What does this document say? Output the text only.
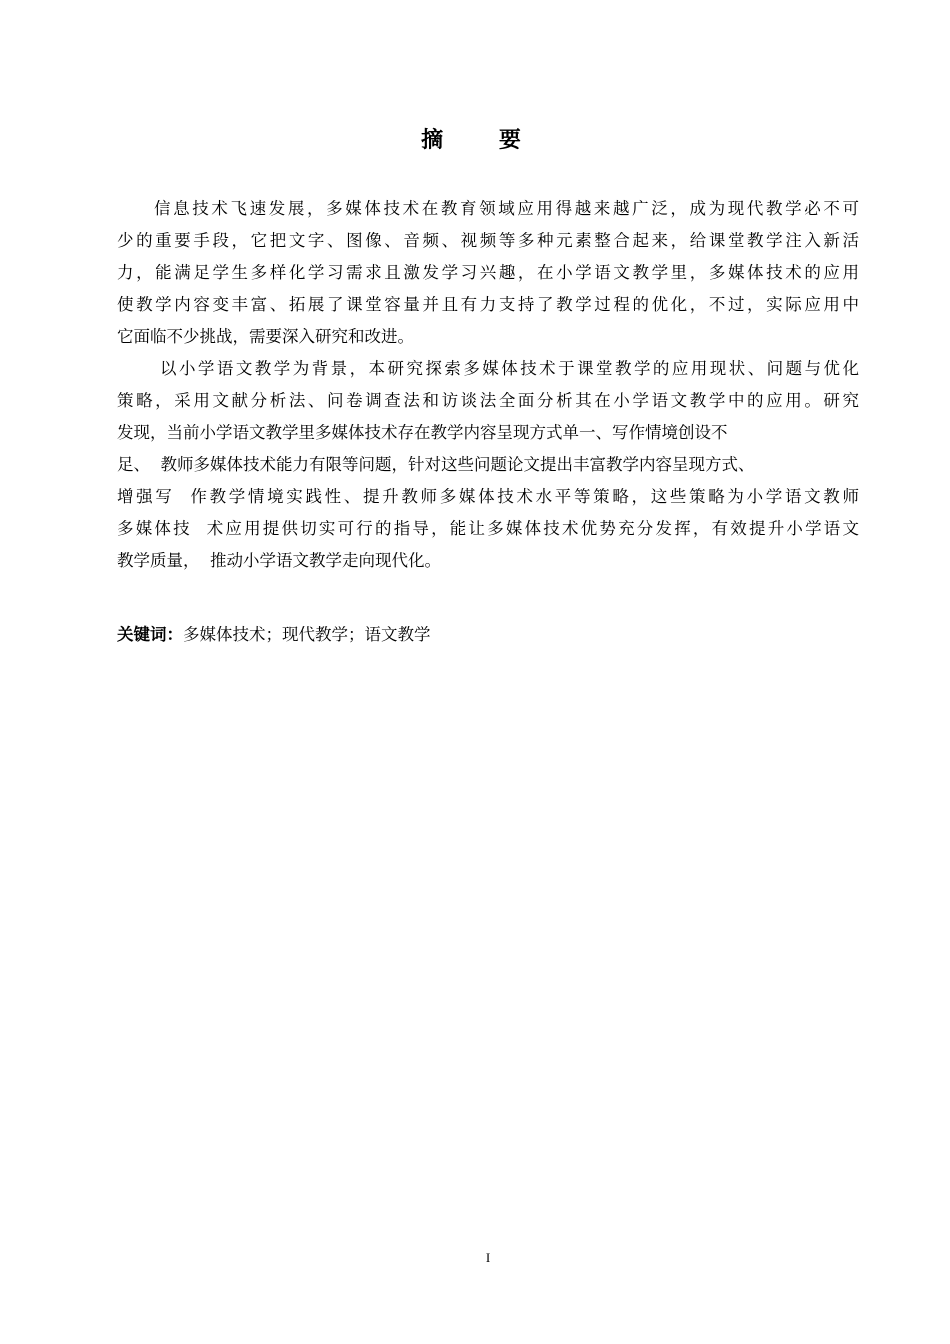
摘 要
信息技术飞速发展，多媒体技术在教育领域应用得越来越广泛，成为现代教学必不可
少的重要手段，它把文字、图像、音频、视频等多种元素整合起来，给课堂教学注入新活
力，能满足学生多样化学习需求且激发学习兴趣，在小学语文教学里，多媒体技术的应用
使教学内容变丰富、拓展了课堂容量并且有力支持了教学过程的优化，不过，实际应用中
它面临不少挑战，需要深入研究和改进。
以小学语文教学为背景，本研究探索多媒体技术于课堂教学的应用现状、问题与优化
策略，采用文献分析法、问卷调查法和访谈法全面分析其在小学语文教学中的应用。研究
发现，当前小学语文教学里多媒体技术存在教学内容呈现方式单一、写作情境创设不
足、  教师多媒体技术能力有限等问题，针对这些问题论文提出丰富教学内容呈现方式、
增强写  作教学情境实践性、提升教师多媒体技术水平等策略，这些策略为小学语文教师
多媒体技  术应用提供切实可行的指导，能让多媒体技术优势充分发挥，有效提升小学语文
教学质量，  推动小学语文教学走向现代化。
关键词：多媒体技术；现代教学；语文教学
I
